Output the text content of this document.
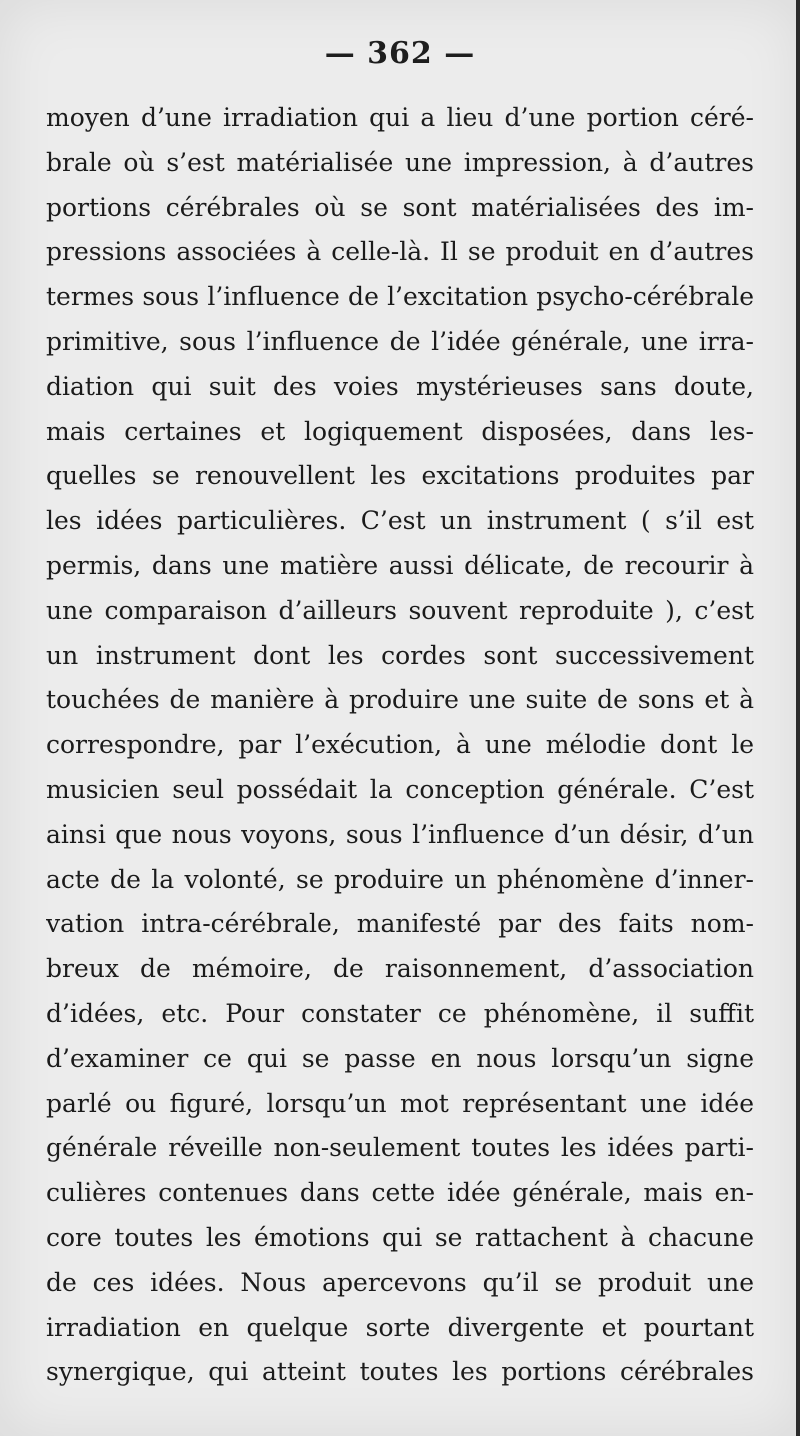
— 362 —
moyen d’une irradiation qui a lieu d’une portion céré-
brale où s’est matérialisée une impression, à d’autres
portions cérébrales où se sont matérialisées des im-
pressions associées à celle-là. Il se produit en d’autres
termes sous l’influence de l’excitation psycho-cérébrale
primitive, sous l’influence de l’idée générale, une irra-
diation qui suit des voies mystérieuses sans doute,
mais certaines et logiquement disposées, dans les-
quelles se renouvellent les excitations produites par
les idées particulières. C’est un instrument ( s’il est
permis, dans une matière aussi délicate, de recourir à
une comparaison d’ailleurs souvent reproduite ), c’est
un instrument dont les cordes sont successivement
touchées de manière à produire une suite de sons et à
correspondre, par l’exécution, à une mélodie dont le
musicien seul possédait la conception générale. C’est
ainsi que nous voyons, sous l’influence d’un désir, d’un
acte de la volonté, se produire un phénomène d’inner-
vation intra-cérébrale, manifesté par des faits nom-
breux de mémoire, de raisonnement, d’association
d’idées, etc. Pour constater ce phénomène, il suffit
d’examiner ce qui se passe en nous lorsqu’un signe
parlé ou figuré, lorsqu’un mot représentant une idée
générale réveille non-seulement toutes les idées parti-
culières contenues dans cette idée générale, mais en-
core toutes les émotions qui se rattachent à chacune
de ces idées. Nous apercevons qu’il se produit une
irradiation en quelque sorte divergente et pourtant
synergique, qui atteint toutes les portions cérébrales
